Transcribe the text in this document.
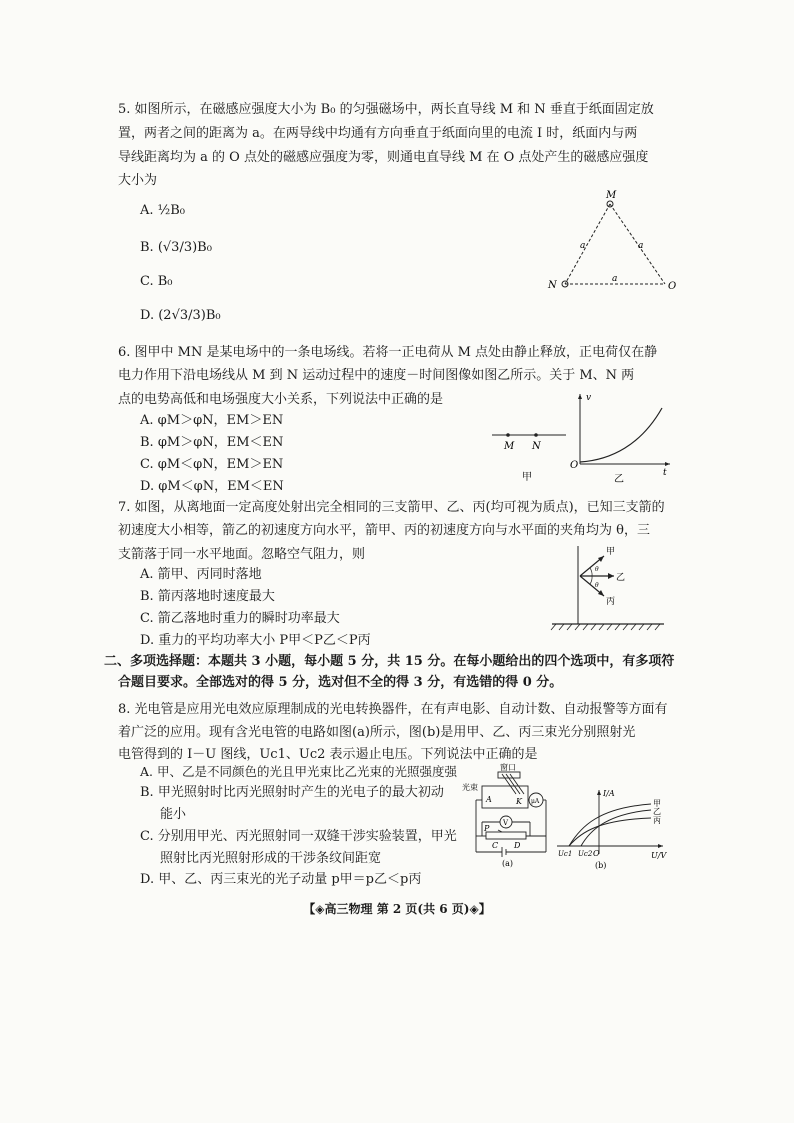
5. 如图所示，在磁感应强度大小为 B₀ 的匀强磁场中，两长直导线 M 和 N 垂直于纸面固定放
置，两者之间的距离为 a。在两导线中均通有方向垂直于纸面向里的电流 I 时，纸面内与两
导线距离均为 a 的 O 点处的磁感应强度为零，则通电直导线 M 在 O 点处产生的磁感应强度
大小为
A. ½B₀
B. (√3/3)B₀
C. B₀
D. (2√3/3)B₀
M
N	O
a	a
a
6. 图甲中 MN 是某电场中的一条电场线。若将一正电荷从 M 点处由静止释放，正电荷仅在静
电力作用下沿电场线从 M 到 N 运动过程中的速度－时间图像如图乙所示。关于 M、N 两
点的电势高低和电场强度大小关系，下列说法中正确的是
A. φM＞φN，EM＞EN
B. φM＞φN，EM＜EN
C. φM＜φN，EM＞EN
D. φM＜φN，EM＜EN
M N
甲
v
t
O
乙
7. 如图，从离地面一定高度处射出完全相同的三支箭甲、乙、丙(均可视为质点)，已知三支箭的
初速度大小相等，箭乙的初速度方向水平，箭甲、丙的初速度方向与水平面的夹角均为 θ，三
支箭落于同一水平地面。忽略空气阻力，则
A. 箭甲、丙同时落地
B. 箭丙落地时速度最大
C. 箭乙落地时重力的瞬时功率最大
D. 重力的平均功率大小 P甲＜P乙＜P丙
θ
θ
甲
乙
丙
二、多项选择题：本题共 3 小题，每小题 5 分，共 15 分。在每小题给出的四个选项中，有多项符
合题目要求。全部选对的得 5 分，选对但不全的得 3 分，有选错的得 0 分。
8. 光电管是应用光电效应原理制成的光电转换器件，在有声电影、自动计数、自动报警等方面有
着广泛的应用。现有含光电管的电路如图(a)所示，图(b)是用甲、乙、丙三束光分别照射光
电管得到的 I－U 图线，Uc1、Uc2 表示遏止电压。下列说法中正确的是
A. 甲、乙是不同颜色的光且甲光束比乙光束的光照强度强
B. 甲光照射时比丙光照射时产生的光电子的最大初动
能小
C. 分别用甲光、丙光照射同一双缝干涉实验装置，甲光
照射比丙光照射形成的干涉条纹间距宽
D. 甲、乙、丙三束光的光子动量 p甲＝p乙＜p丙
窗口
光束
A	K μA
V
P
C D
(a)
I/A
U/V
Uc1 Uc2 O
甲
乙
丙
(b)
【◈高三物理 第 2 页(共 6 页)◈】
